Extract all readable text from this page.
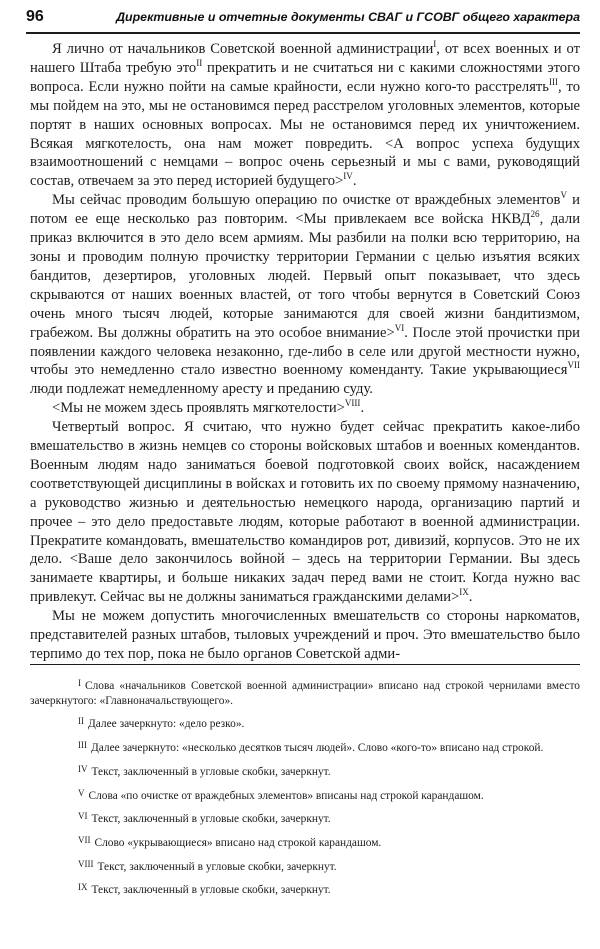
96	Директивные и отчетные документы СВАГ и ГСОВГ общего характера

Я лично от начальников Советской военной администрации$^I$, от всех военных и от нашего Штаба требую это$^{II}$ прекратить и не считаться ни с какими сложностями этого вопроса. Если нужно пойти на самые крайности, если нужно кого-то расстрелять$^{III}$, то мы пойдем на это, мы не остановимся перед расстрелом уголовных элементов, которые портят в наших основных вопросах. Мы не остановимся перед их уничтожением. Всякая мягкотелость, она нам может повредить. <А вопрос успеха будущих взаимоотношений с немцами – вопрос очень серьезный и мы с вами, руководящий состав, отвечаем за это перед историей будущего>$^{IV}$.

Мы сейчас проводим большую операцию по очистке от враждебных элементов$^V$ и потом ее еще несколько раз повторим. <Мы привлекаем все войска НКВД$^{26}$, дали приказ включится в это дело всем армиям. Мы разбили на полки всю территорию, на зоны и проводим полную прочистку территории Германии с целью изъятия всяких бандитов, дезертиров, уголовных людей. Первый опыт показывает, что здесь скрываются от наших военных властей, от того чтобы вернутся в Советский Союз очень много тысяч людей, которые занимаются для своей жизни бандитизмом, грабежом. Вы должны обратить на это особое внимание>$^{VI}$. После этой прочистки при появлении каждого человека незаконно, где-либо в селе или другой местности нужно, чтобы это немедленно стало известно военному коменданту. Такие укрывающиеся$^{VII}$ люди подлежат немедленному аресту и преданию суду.

<Мы не можем здесь проявлять мягкотелости>$^{VIII}$.

Четвертый вопрос. Я считаю, что нужно будет сейчас прекратить какое-либо вмешательство в жизнь немцев со стороны войсковых штабов и военных комендантов. Военным людям надо заниматься боевой подготовкой своих войск, насаждением соответствующей дисциплины в войсках и готовить их по своему прямому назначению, а руководство жизнью и деятельностью немецкого народа, организацию партий и прочее – это дело предоставьте людям, которые работают в военной администрации. Прекратите командовать, вмешательство командиров рот, дивизий, корпусов. Это не их дело. <Ваше дело закончилось войной – здесь на территории Германии. Вы здесь занимаете квартиры, и больше никаких задач перед вами не стоит. Когда нужно вас привлекут. Сейчас вы не должны заниматься гражданскими делами>$^{IX}$.

Мы не можем допустить многочисленных вмешательств со стороны наркоматов, представителей разных штабов, тыловых учреждений и проч. Это вмешательство было терпимо до тех пор, пока не было органов Советской адми-

I Слова «начальников Советской военной администрации» вписано над строкой чернилами вместо зачеркнутого: «Главноначальствующего».

II Далее зачеркнуто: «дело резко».

III Далее зачеркнуто: «несколько десятков тысяч людей». Слово «кого-то» вписано над строкой.

IV Текст, заключенный в угловые скобки, зачеркнут.

V Слова «по очистке от враждебных элементов» вписаны над строкой карандашом.

VI Текст, заключенный в угловые скобки, зачеркнут.

VII Слово «укрывающиеся» вписано над строкой карандашом.

VIII Текст, заключенный в угловые скобки, зачеркнут.

IX Текст, заключенный в угловые скобки, зачеркнут.
